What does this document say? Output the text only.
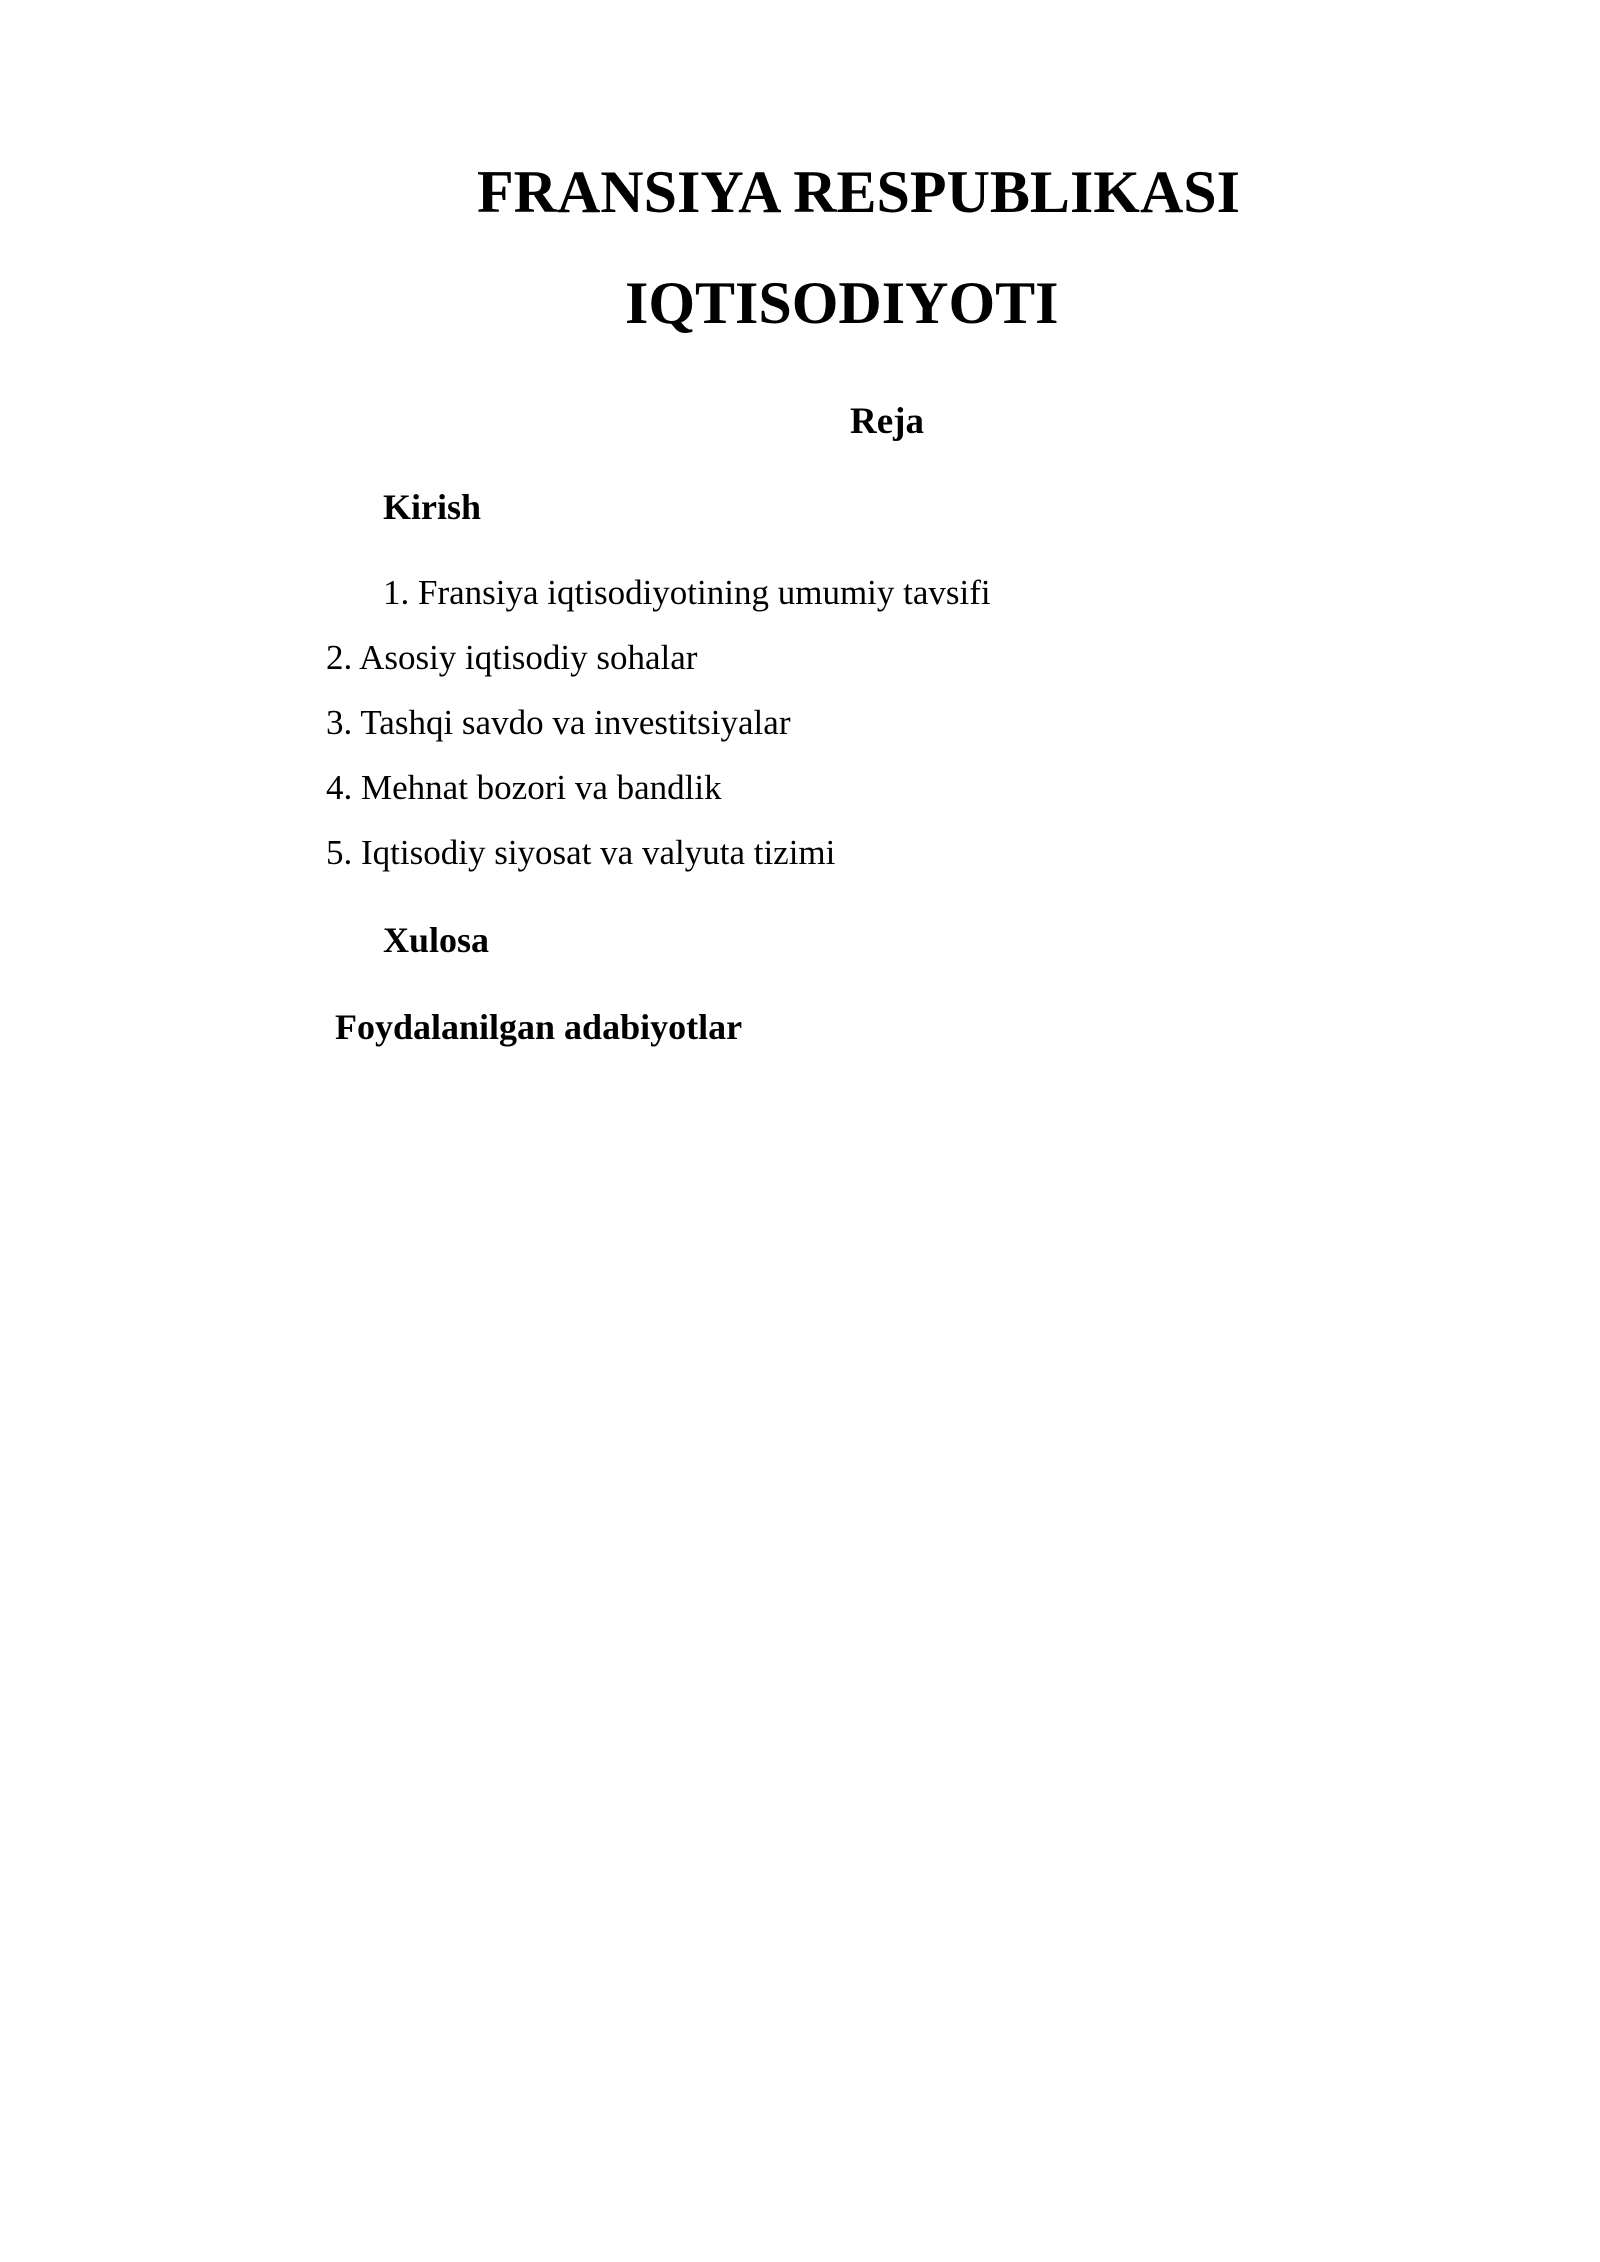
FRANSIYA RESPUBLIKASI
IQTISODIYOTI
Reja
Kirish
1. Fransiya iqtisodiyotining umumiy tavsifi
2. Asosiy iqtisodiy sohalar
3. Tashqi savdo va investitsiyalar
4. Mehnat bozori va bandlik
5. Iqtisodiy siyosat va valyuta tizimi
Xulosa
Foydalanilgan adabiyotlar
